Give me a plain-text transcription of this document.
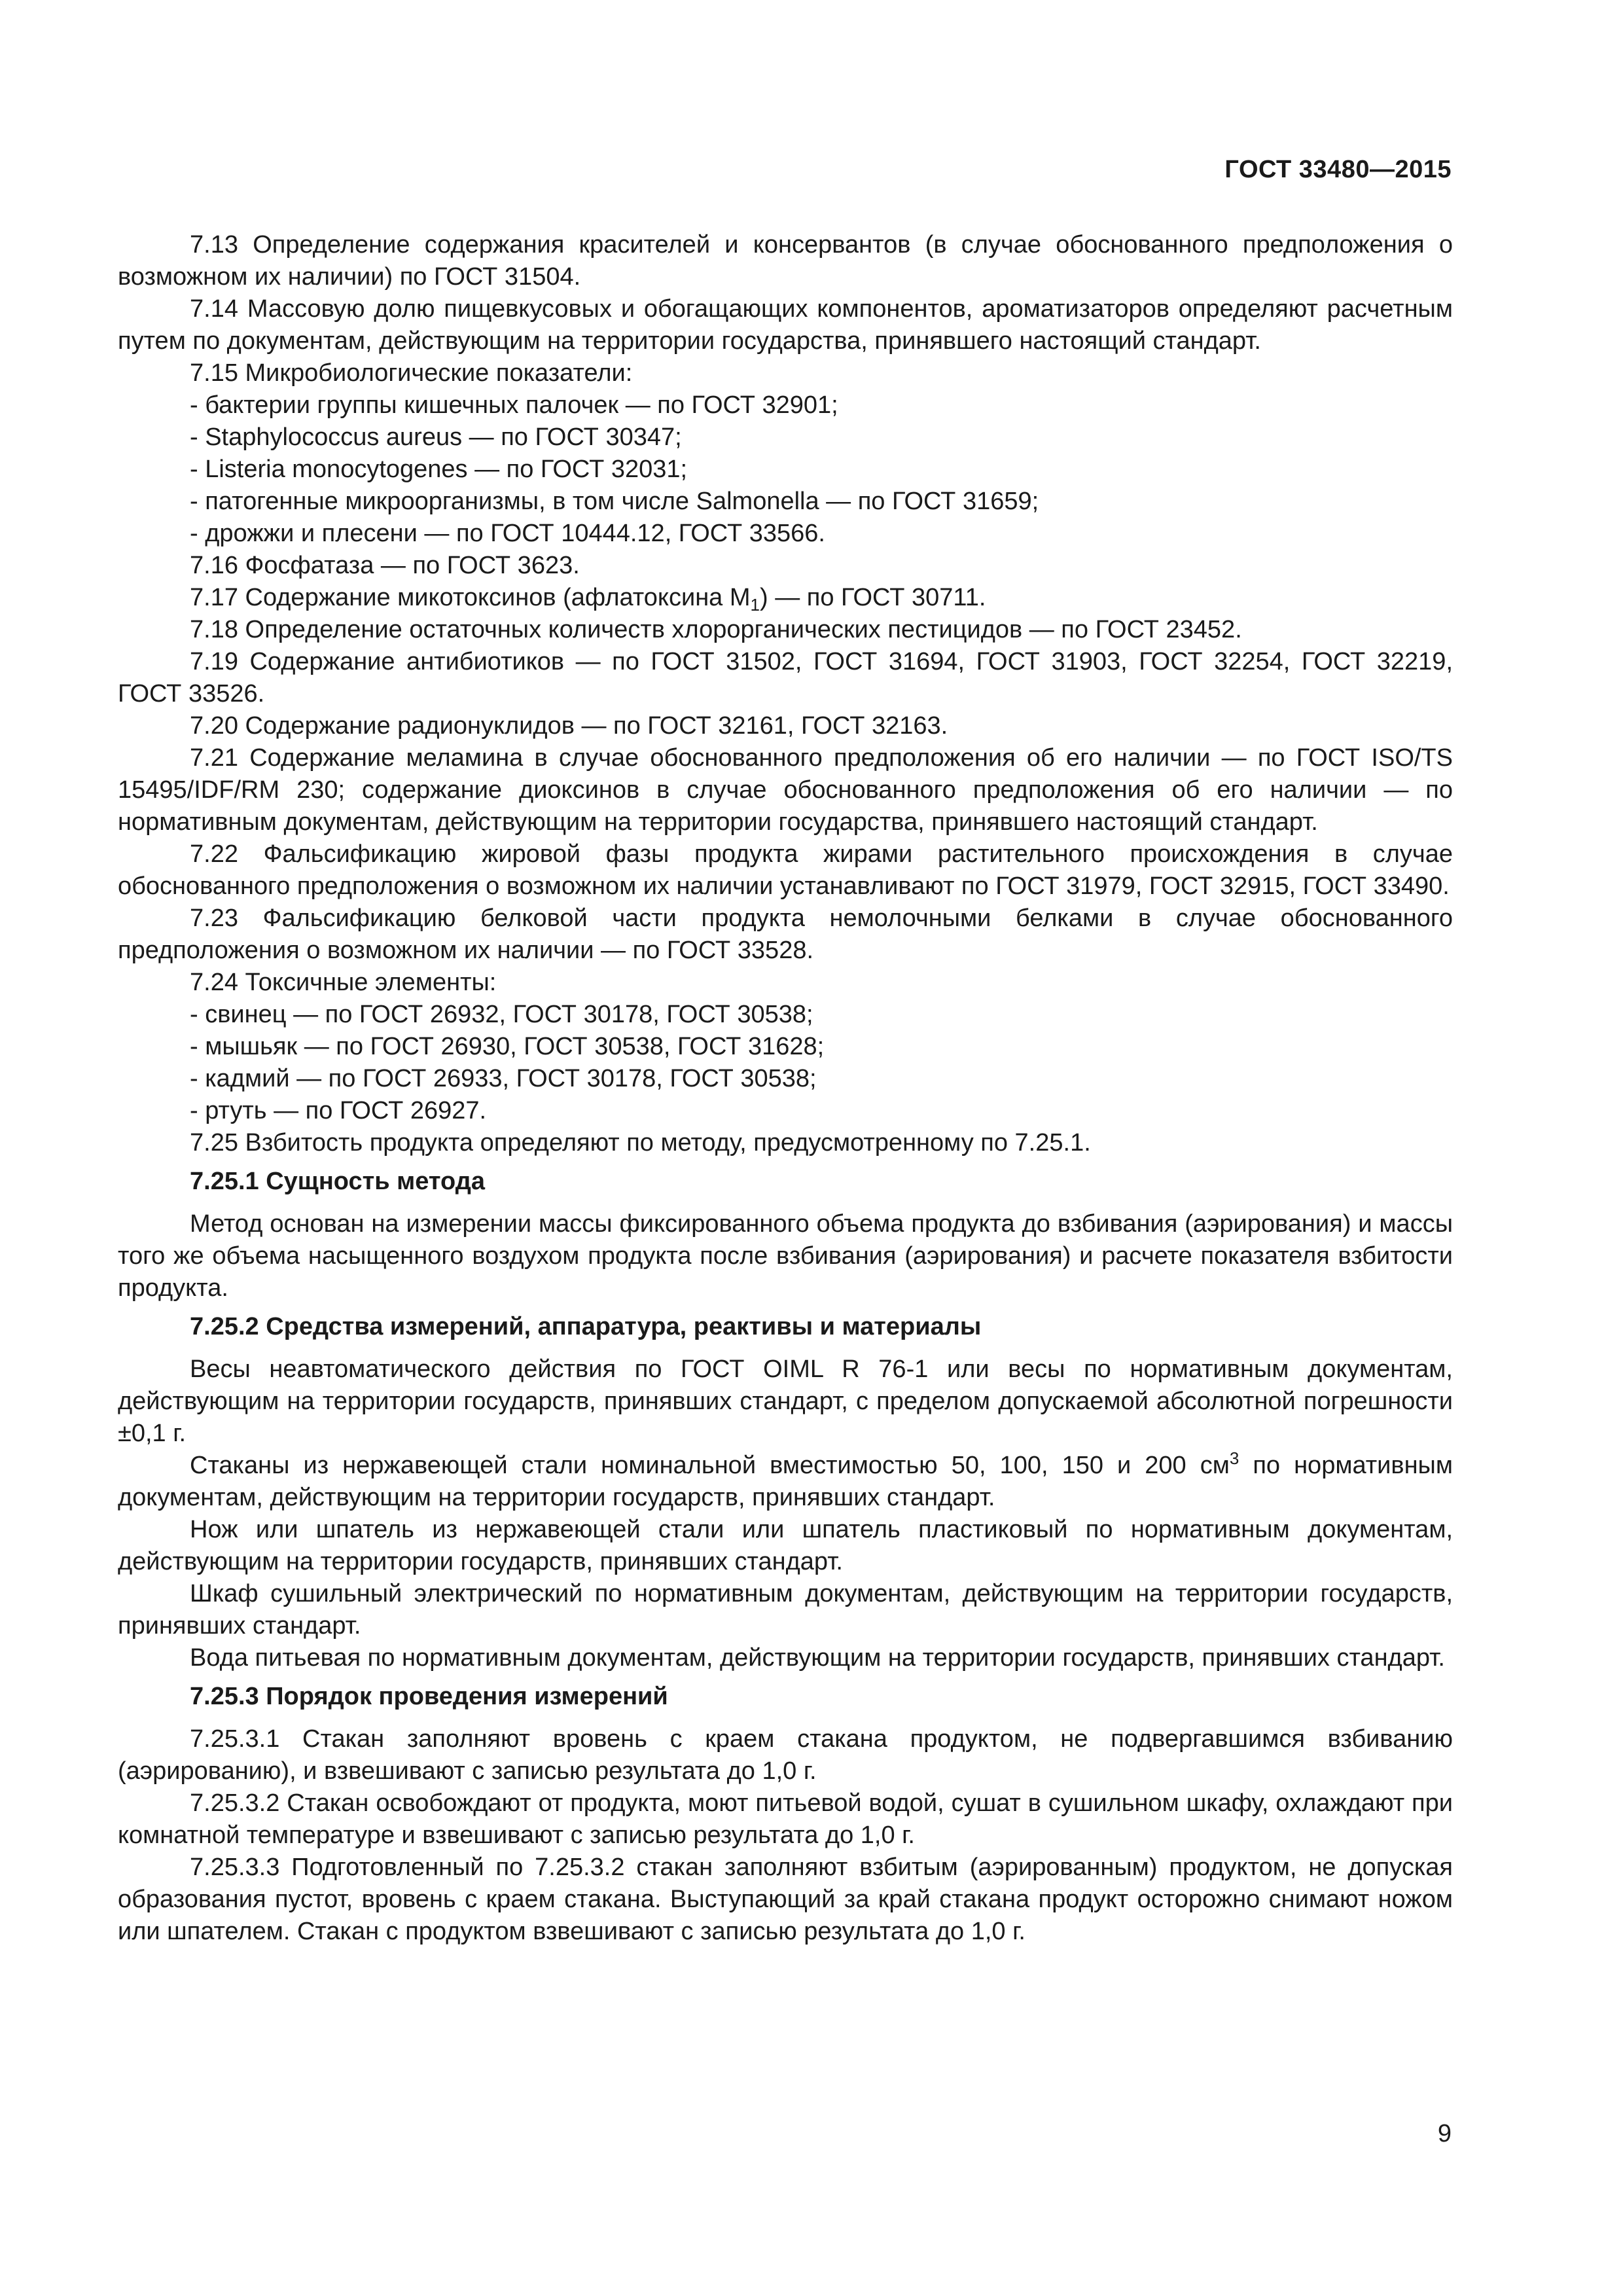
ГОСТ 33480—2015

7.13 Определение содержания красителей и консервантов (в случае обоснованного предположения о возможном их наличии) по ГОСТ 31504.

7.14 Массовую долю пищевкусовых и обогащающих компонентов, ароматизаторов определяют расчетным путем по документам, действующим на территории государства, принявшего настоящий стандарт.

7.15 Микробиологические показатели:

- бактерии группы кишечных палочек — по ГОСТ 32901;

- Staphylococcus aureus — по ГОСТ 30347;

- Listeria monocytogenes — по ГОСТ 32031;

- патогенные микроорганизмы, в том числе Salmonella — по ГОСТ 31659;

- дрожжи и плесени — по ГОСТ 10444.12, ГОСТ 33566.

7.16 Фосфатаза — по ГОСТ 3623.

7.17 Содержание микотоксинов (афлатоксина $M_1$) — по ГОСТ 30711.

7.18 Определение остаточных количеств хлорорганических пестицидов — по ГОСТ 23452.

7.19 Содержание антибиотиков — по ГОСТ 31502, ГОСТ 31694, ГОСТ 31903, ГОСТ 32254, ГОСТ 32219, ГОСТ 33526.

7.20 Содержание радионуклидов — по ГОСТ 32161, ГОСТ 32163.

7.21 Содержание меламина в случае обоснованного предположения об его наличии — по ГОСТ ISO/TS 15495/IDF/RM 230; содержание диоксинов в случае обоснованного предположения об его наличии — по нормативным документам, действующим на территории государства, принявшего настоящий стандарт.

7.22 Фальсификацию жировой фазы продукта жирами растительного происхождения в случае обоснованного предположения о возможном их наличии устанавливают по ГОСТ 31979, ГОСТ 32915, ГОСТ 33490.

7.23 Фальсификацию белковой части продукта немолочными белками в случае обоснованного предположения о возможном их наличии — по ГОСТ 33528.

7.24 Токсичные элементы:

- свинец — по ГОСТ 26932, ГОСТ 30178, ГОСТ 30538;

- мышьяк — по ГОСТ 26930, ГОСТ 30538, ГОСТ 31628;

- кадмий — по ГОСТ 26933, ГОСТ 30178, ГОСТ 30538;

- ртуть — по ГОСТ 26927.

7.25 Взбитость продукта определяют по методу, предусмотренному по 7.25.1.

7.25.1 Сущность метода

Метод основан на измерении массы фиксированного объема продукта до взбивания (аэрирования) и массы того же объема насыщенного воздухом продукта после взбивания (аэрирования) и расчете показателя взбитости продукта.

7.25.2 Средства измерений, аппаратура, реактивы и материалы

Весы неавтоматического действия по ГОСТ OIML R 76-1 или весы по нормативным документам, действующим на территории государств, принявших стандарт, с пределом допускаемой абсолютной погрешности ±0,1 г.

Стаканы из нержавеющей стали номинальной вместимостью 50, 100, 150 и 200 $см^3$ по нормативным документам, действующим на территории государств, принявших стандарт.

Нож или шпатель из нержавеющей стали или шпатель пластиковый по нормативным документам, действующим на территории государств, принявших стандарт.

Шкаф сушильный электрический по нормативным документам, действующим на территории государств, принявших стандарт.

Вода питьевая по нормативным документам, действующим на территории государств, принявших стандарт.

7.25.3 Порядок проведения измерений

7.25.3.1 Стакан заполняют вровень с краем стакана продуктом, не подвергавшимся взбиванию (аэрированию), и взвешивают с записью результата до 1,0 г.

7.25.3.2 Стакан освобождают от продукта, моют питьевой водой, сушат в сушильном шкафу, охлаждают при комнатной температуре и взвешивают с записью результата до 1,0 г.

7.25.3.3 Подготовленный по 7.25.3.2 стакан заполняют взбитым (аэрированным) продуктом, не допуская образования пустот, вровень с краем стакана. Выступающий за край стакана продукт осторожно снимают ножом или шпателем. Стакан с продуктом взвешивают с записью результата до 1,0 г.

9
